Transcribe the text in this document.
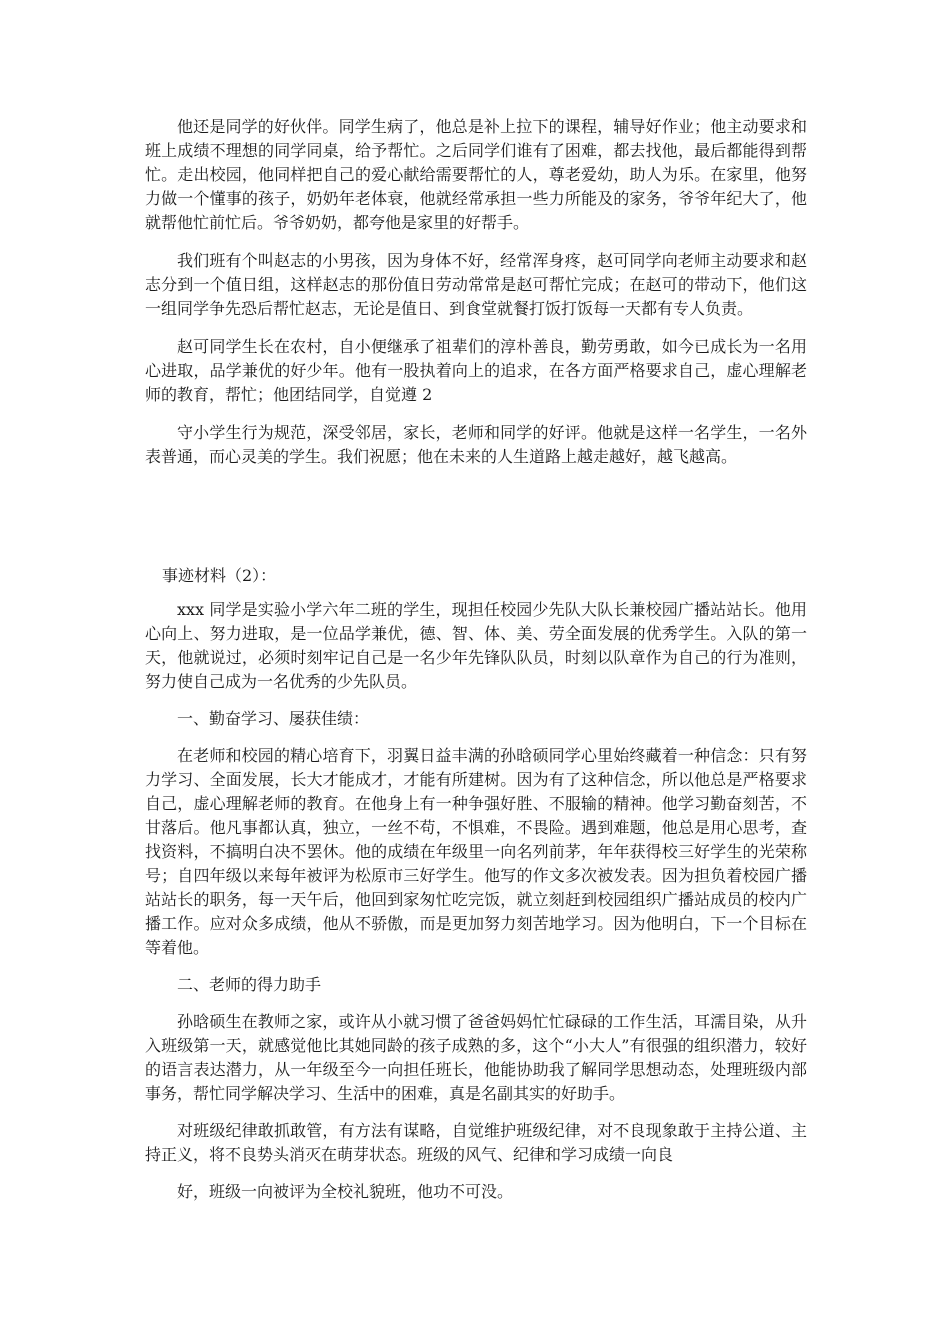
他还是同学的好伙伴。同学生病了，他总是补上拉下的课程，辅导好作业；他主动要求和班上成绩不理想的同学同桌，给予帮忙。之后同学们谁有了困难，都去找他，最后都能得到帮忙。走出校园，他同样把自己的爱心献给需要帮忙的人，尊老爱幼，助人为乐。在家里，他努力做一个懂事的孩子，奶奶年老体衰，他就经常承担一些力所能及的家务，爷爷年纪大了，他就帮他忙前忙后。爷爷奶奶，都夸他是家里的好帮手。

我们班有个叫赵志的小男孩，因为身体不好，经常浑身疼，赵可同学向老师主动要求和赵志分到一个值日组，这样赵志的那份值日劳动常常是赵可帮忙完成；在赵可的带动下，他们这一组同学争先恐后帮忙赵志，无论是值日、到食堂就餐打饭打饭每一天都有专人负责。

赵可同学生长在农村，自小便继承了祖辈们的淳朴善良，勤劳勇敢，如今已成长为一名用心进取，品学兼优的好少年。他有一股执着向上的追求，在各方面严格要求自己，虚心理解老师的教育，帮忙；他团结同学，自觉遵 2

守小学生行为规范，深受邻居，家长，老师和同学的好评。他就是这样一名学生，一名外表普通，而心灵美的学生。我们祝愿；他在未来的人生道路上越走越好，越飞越高。

事迹材料（2）：

xxx 同学是实验小学六年二班的学生，现担任校园少先队大队长兼校园广播站站长。他用心向上、努力进取，是一位品学兼优，德、智、体、美、劳全面发展的优秀学生。入队的第一天，他就说过，必须时刻牢记自己是一名少年先锋队队员，时刻以队章作为自己的行为准则，努力使自己成为一名优秀的少先队员。

一、勤奋学习、屡获佳绩：

在老师和校园的精心培育下，羽翼日益丰满的孙晗硕同学心里始终藏着一种信念：只有努力学习、全面发展，长大才能成才，才能有所建树。因为有了这种信念，所以他总是严格要求自己，虚心理解老师的教育。在他身上有一种争强好胜、不服输的精神。他学习勤奋刻苦，不甘落后。他凡事都认真，独立，一丝不苟，不惧难，不畏险。遇到难题，他总是用心思考，查找资料，不搞明白决不罢休。他的成绩在年级里一向名列前茅，年年获得校三好学生的光荣称号；自四年级以来每年被评为松原市三好学生。他写的作文多次被发表。因为担负着校园广播站站长的职务，每一天午后，他回到家匆忙吃完饭，就立刻赶到校园组织广播站成员的校内广播工作。应对众多成绩，他从不骄傲，而是更加努力刻苦地学习。因为他明白，下一个目标在等着他。

二、老师的得力助手

孙晗硕生在教师之家，或许从小就习惯了爸爸妈妈忙忙碌碌的工作生活，耳濡目染，从升入班级第一天，就感觉他比其她同龄的孩子成熟的多，这个“小大人”有很强的组织潜力，较好的语言表达潜力，从一年级至今一向担任班长，他能协助我了解同学思想动态，处理班级内部事务，帮忙同学解决学习、生活中的困难，真是名副其实的好助手。

对班级纪律敢抓敢管，有方法有谋略，自觉维护班级纪律，对不良现象敢于主持公道、主持正义，将不良势头消灭在萌芽状态。班级的风气、纪律和学习成绩一向良

好，班级一向被评为全校礼貌班，他功不可没。
